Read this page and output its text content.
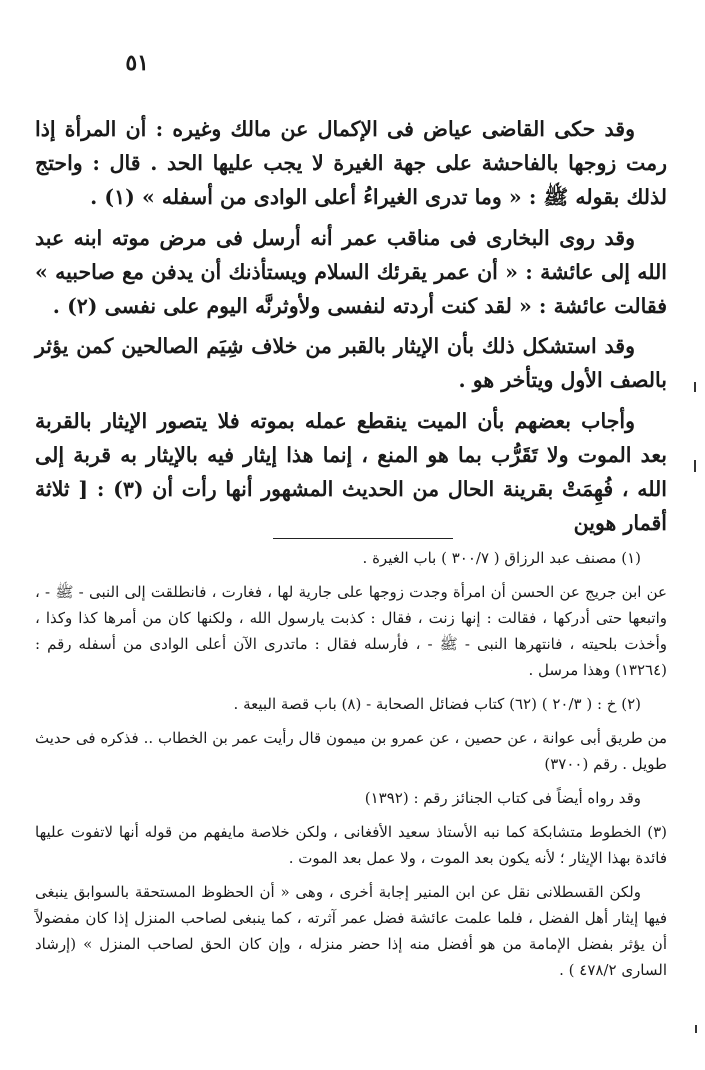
٥١

وقد حكى القاضى عياض فى الإكمال عن مالك وغيره : أن المرأة إذا رمت زوجها بالفاحشة على جهة الغيرة لا يجب عليها الحد . قال : واحتج لذلك بقوله ﷺ : « وما تدرى الغيراءُ أعلى الوادى من أسفله » (١) .

وقد روى البخارى فى مناقب عمر أنه أرسل فى مرض موته ابنه عبد الله إلى عائشة : « أن عمر يقرئك السلام ويستأذنك أن يدفن مع صاحبيه » فقالت عائشة : « لقد كنت أردته لنفسى ولأوثرنَّه اليوم على نفسى (٢) .

وقد استشكل ذلك بأن الإيثار بالقبر من خلاف شِيَم الصالحين كمن يؤثر بالصف الأول ويتأخر هو .

وأجاب بعضهم بأن الميت ينقطع عمله بموته فلا يتصور الإيثار بالقربة بعد الموت ولا تَقَرُّب بما هو المنع ، إنما هذا إيثار فيه بالإيثار به قربة إلى الله ، فُهِمَتْ بقرينة الحال من الحديث المشهور أنها رأت أن (٣) : [ ثلاثة أقمار هوين

(١) مصنف عبد الرزاق ( ٣٠٠/٧ ) باب الغيرة .

عن ابن جريج عن الحسن أن امرأة وجدت زوجها على جارية لها ، فغارت ، فانطلقت إلى النبى - ﷺ - ، واتبعها حتى أدركها ، فقالت : إنها زنت ، فقال : كذبت يارسول الله ، ولكنها كان من أمرها كذا وكذا ، وأخذت بلحيته ، فانتهرها النبى - ﷺ - ، فأرسله فقال : ماتدرى الآن أعلى الوادى من أسفله رقم : (١٣٢٦٤) وهذا مرسل .

(٢) خ : ( ٢٠/٣ ) (٦٢) كتاب فضائل الصحابة - (٨) باب قصة البيعة .

من طريق أبى عوانة ، عن حصين ، عن عمرو بن ميمون قال رأيت عمر بن الخطاب .. فذكره فى حديث طويل . رقم (٣٧٠٠)

وقد رواه أيضاً فى كتاب الجنائز رقم : (١٣٩٢)

(٣) الخطوط متشابكة كما نبه الأستاذ سعيد الأفغانى ، ولكن خلاصة مايفهم من قوله أنها لاتفوت عليها فائدة بهذا الإيثار ؛ لأنه يكون بعد الموت ، ولا عمل بعد الموت .

ولكن القسطلانى نقل عن ابن المنير إجابة أخرى ، وهى « أن الحظوظ المستحقة بالسوابق ينبغى فيها إيثار أهل الفضل ، فلما علمت عائشة فضل عمر آثرته ، كما ينبغى لصاحب المنزل إذا كان مفضولاً أن يؤثر بفضل الإمامة من هو أفضل منه إذا حضر منزله ، وإن كان الحق لصاحب المنزل » (إرشاد السارى ٤٧٨/٢ ) .
